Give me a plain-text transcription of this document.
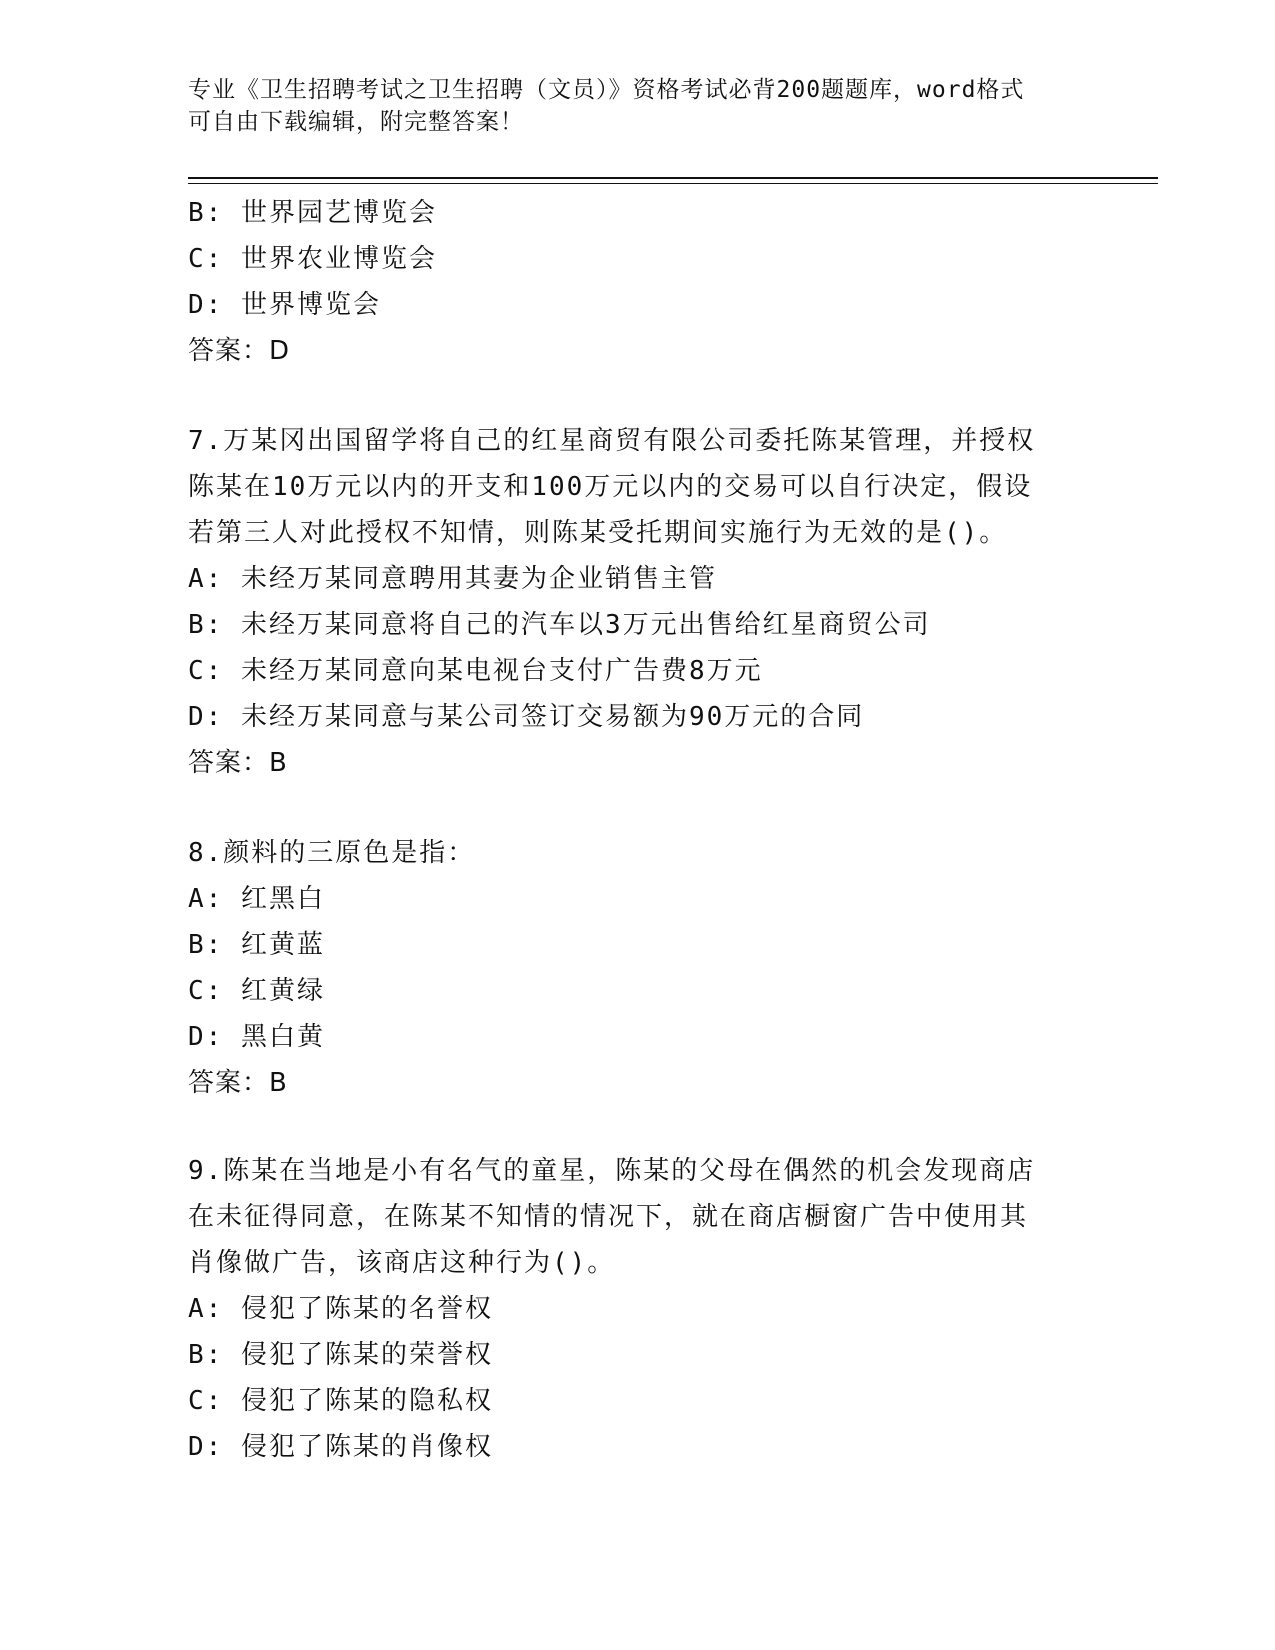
专业《卫生招聘考试之卫生招聘（文员）》资格考试必背200题题库，word格式
可自由下载编辑，附完整答案！
B: 世界园艺博览会
C: 世界农业博览会
D: 世界博览会
答案：D
7.万某冈出国留学将自己的红星商贸有限公司委托陈某管理，并授权
陈某在10万元以内的开支和100万元以内的交易可以自行决定，假设
若第三人对此授权不知情，则陈某受托期间实施行为无效的是()。
A: 未经万某同意聘用其妻为企业销售主管
B: 未经万某同意将自己的汽车以3万元出售给红星商贸公司
C: 未经万某同意向某电视台支付广告费8万元
D: 未经万某同意与某公司签订交易额为90万元的合同
答案：B
8.颜料的三原色是指：
A: 红黑白
B: 红黄蓝
C: 红黄绿
D: 黑白黄
答案：B
9.陈某在当地是小有名气的童星，陈某的父母在偶然的机会发现商店
在未征得同意，在陈某不知情的情况下，就在商店橱窗广告中使用其
肖像做广告，该商店这种行为()。
A: 侵犯了陈某的名誉权
B: 侵犯了陈某的荣誉权
C: 侵犯了陈某的隐私权
D: 侵犯了陈某的肖像权
